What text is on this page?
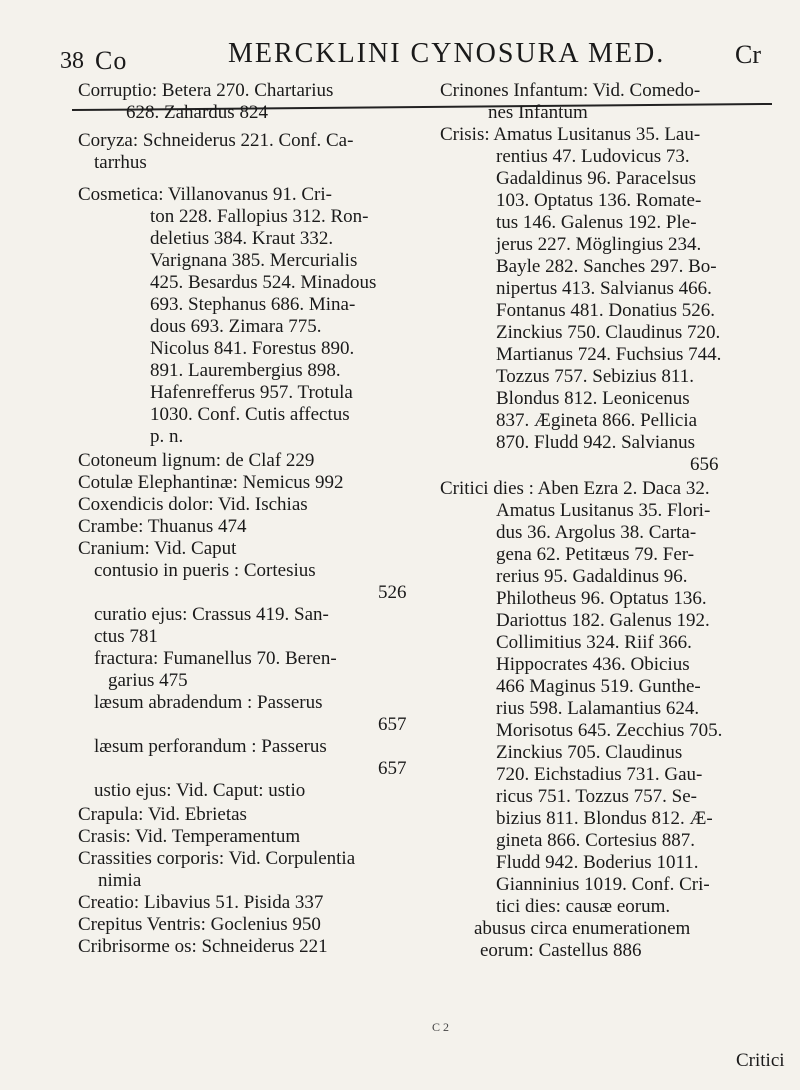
38 Co	MERCKLINI CYNOSURA MED.	Cr
Corruptio: Betera 270. Chartarius
628. Zahardus 824
Coryza: Schneiderus 221. Conf. Ca-
tarrhus
Cosmetica: Villanovanus 91. Cri-
ton 228. Fallopius 312. Ron-
deletius 384. Kraut 332.
Varignana 385. Mercurialis
425. Besardus 524. Minadous
693. Stephanus 686. Mina-
dous 693. Zimara 775.
Nicolus 841. Forestus 890.
891. Laurembergius 898.
Hafenrefferus 957. Trotula
1030. Conf. Cutis affectus
p. n.
Cotoneum lignum: de Claf 229
Cotulæ Elephantinæ: Nemicus 992
Coxendicis dolor: Vid. Ischias
Crambe: Thuanus 474
Cranium: Vid. Caput
contusio in pueris : Cortesius
526
curatio ejus: Crassus 419. San-
ctus 781
fractura: Fumanellus 70. Beren-
garius 475
læsum abradendum : Passerus
657
læsum perforandum : Passerus
657
ustio ejus: Vid. Caput: ustio
Crapula: Vid. Ebrietas
Crasis: Vid. Temperamentum
Crassities corporis: Vid. Corpulentia
nimia
Creatio: Libavius 51. Pisida 337
Crepitus Ventris: Goclenius 950
Cribrisorme os: Schneiderus 221
Crinones Infantum: Vid. Comedo-
nes Infantum
Crisis: Amatus Lusitanus 35. Lau-
rentius 47. Ludovicus 73.
Gadaldinus 96. Paracelsus
103. Optatus 136. Romate-
tus 146. Galenus 192. Ple-
jerus 227. Möglingius 234.
Bayle 282. Sanches 297. Bo-
nipertus 413. Salvianus 466.
Fontanus 481. Donatius 526.
Zinckius 750. Claudinus 720.
Martianus 724. Fuchsius 744.
Tozzus 757. Sebizius 811.
Blondus 812. Leonicenus
837. Ægineta 866. Pellicia
870. Fludd 942. Salvianus
656
Critici dies : Aben Ezra 2. Daca 32.
Amatus Lusitanus 35. Flori-
dus 36. Argolus 38. Carta-
gena 62. Petitæus 79. Fer-
rerius 95. Gadaldinus 96.
Philotheus 96. Optatus 136.
Dariottus 182. Galenus 192.
Collimitius 324. Riif 366.
Hippocrates 436. Obicius
466 Maginus 519. Gunthe-
rius 598. Lalamantius 624.
Morisotus 645. Zecchius 705.
Zinckius 705. Claudinus
720. Eichstadius 731. Gau-
ricus 751. Tozzus 757. Se-
bizius 811. Blondus 812. Æ-
gineta 866. Cortesius 887.
Fludd 942. Boderius 1011.
Gianninius 1019. Conf. Cri-
tici dies: causæ eorum.
abusus circa enumerationem
eorum: Castellus 886
Critici
C 2
